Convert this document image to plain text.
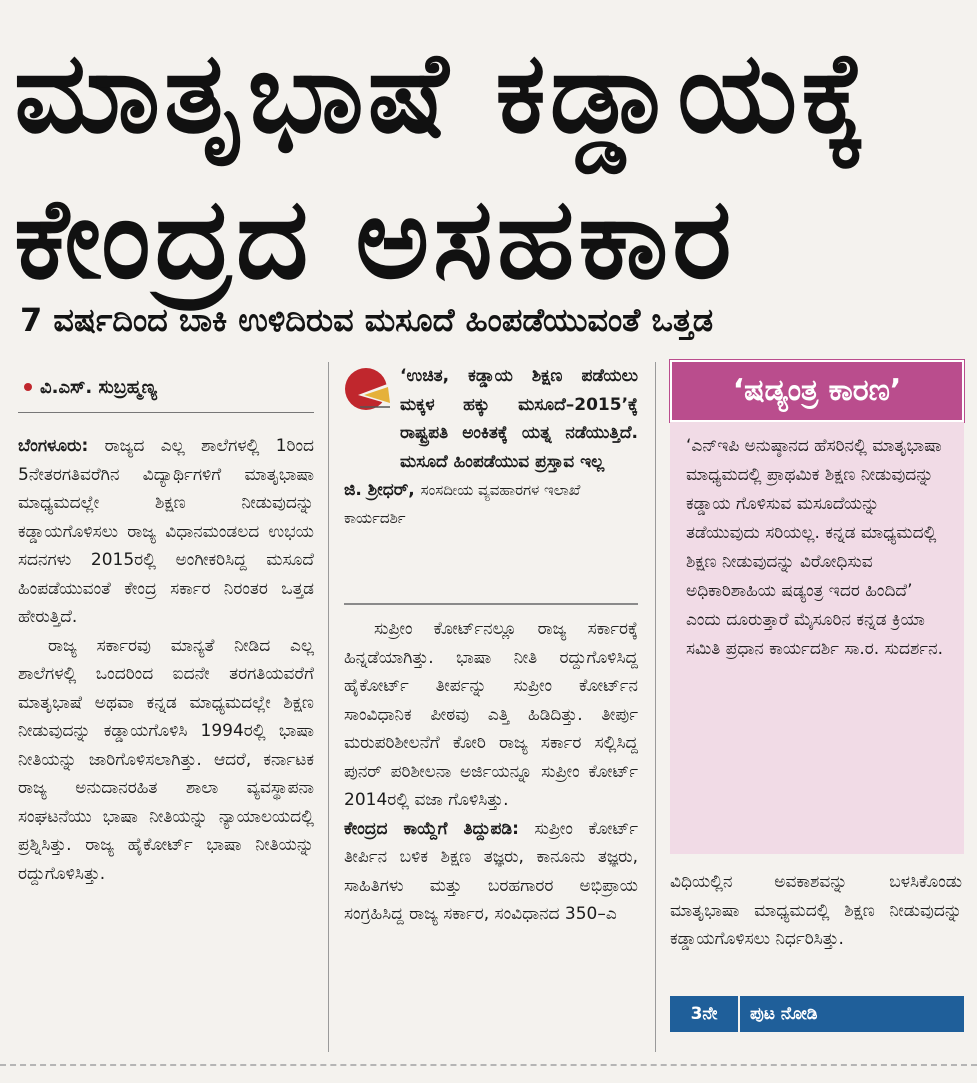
ಮಾತೃಭಾಷೆ ಕಡ್ಡಾಯಕ್ಕೆ
ಕೇಂದ್ರದ ಅಸಹಕಾರ
7 ವರ್ಷದಿಂದ ಬಾಕಿ ಉಳಿದಿರುವ ಮಸೂದೆ ಹಿಂಪಡೆಯುವಂತೆ ಒತ್ತಡ
ವಿ.ಎಸ್. ಸುಬ್ರಹ್ಮಣ್ಯ

ಬೆಂಗಳೂರು: ರಾಜ್ಯದ ಎಲ್ಲ ಶಾಲೆಗಳಲ್ಲಿ 1ರಿಂದ 5ನೇತರಗತಿವರೆಗಿನ ವಿದ್ಯಾರ್ಥಿಗಳಿಗೆ ಮಾತೃಭಾಷಾ ಮಾಧ್ಯಮದಲ್ಲೇ ಶಿಕ್ಷಣ ನೀಡುವುದನ್ನು ಕಡ್ಡಾಯಗೊಳಿಸಲು ರಾಜ್ಯ ವಿಧಾನಮಂಡಲದ ಉಭಯ ಸದನಗಳು 2015ರಲ್ಲಿ ಅಂಗೀಕರಿಸಿದ್ದ ಮಸೂದೆ ಹಿಂಪಡೆಯುವಂತೆ ಕೇಂದ್ರ ಸರ್ಕಾರ ನಿರಂತರ ಒತ್ತಡ ಹೇರುತ್ತಿದೆ.

ರಾಜ್ಯ ಸರ್ಕಾರವು ಮಾನ್ಯತೆ ನೀಡಿದ ಎಲ್ಲ ಶಾಲೆಗಳಲ್ಲಿ ಒಂದರಿಂದ ಐದನೇ ತರಗತಿಯವರೆಗೆ ಮಾತೃಭಾಷೆ ಅಥವಾ ಕನ್ನಡ ಮಾಧ್ಯಮದಲ್ಲೇ ಶಿಕ್ಷಣ ನೀಡುವುದನ್ನು ಕಡ್ಡಾಯಗೊಳಿಸಿ 1994ರಲ್ಲಿ ಭಾಷಾ ನೀತಿಯನ್ನು ಜಾರಿಗೊಳಿಸಲಾಗಿತ್ತು. ಆದರೆ, ಕರ್ನಾಟಕ ರಾಜ್ಯ ಅನುದಾನರಹಿತ ಶಾಲಾ ವ್ಯವಸ್ಥಾಪನಾ ಸಂಘಟನೆಯು ಭಾಷಾ ನೀತಿಯನ್ನು ನ್ಯಾಯಾಲಯದಲ್ಲಿ ಪ್ರಶ್ನಿಸಿತ್ತು. ರಾಜ್ಯ ಹೈಕೋರ್ಟ್ ಭಾಷಾ ನೀತಿಯನ್ನು ರದ್ದುಗೊಳಿಸಿತ್ತು.

‘ಉಚಿತ, ಕಡ್ಡಾಯ ಶಿಕ್ಷಣ ಪಡೆಯಲು ಮಕ್ಕಳ ಹಕ್ಕು ಮಸೂದೆ–2015’ಕ್ಕೆ ರಾಷ್ಟ್ರಪತಿ ಅಂಕಿತಕ್ಕೆ ಯತ್ನ ನಡೆಯುತ್ತಿದೆ. ಮಸೂದೆ ಹಿಂಪಡೆಯುವ ಪ್ರಸ್ತಾವ ಇಲ್ಲ
ಜಿ. ಶ್ರೀಧರ್, ಸಂಸದೀಯ ವ್ಯವಹಾರಗಳ ಇಲಾಖೆ ಕಾರ್ಯದರ್ಶಿ

ಸುಪ್ರೀಂ ಕೋರ್ಟ್‌ನಲ್ಲೂ ರಾಜ್ಯ ಸರ್ಕಾರಕ್ಕೆ ಹಿನ್ನಡೆಯಾಗಿತ್ತು. ಭಾಷಾ ನೀತಿ ರದ್ದುಗೊಳಿಸಿದ್ದ ಹೈಕೋರ್ಟ್ ತೀರ್ಪನ್ನು ಸುಪ್ರೀಂ ಕೋರ್ಟ್‌ನ ಸಾಂವಿಧಾನಿಕ ಪೀಠವು ಎತ್ತಿ ಹಿಡಿದಿತ್ತು. ತೀರ್ಪು ಮರುಪರಿಶೀಲನೆಗೆ ಕೋರಿ ರಾಜ್ಯ ಸರ್ಕಾರ ಸಲ್ಲಿಸಿದ್ದ ಪುನರ್ ಪರಿಶೀಲನಾ ಅರ್ಜಿಯನ್ನೂ ಸುಪ್ರೀಂ ಕೋರ್ಟ್ 2014ರಲ್ಲಿ ವಜಾ ಗೊಳಿಸಿತ್ತು.

ಕೇಂದ್ರದ ಕಾಯ್ದೆಗೆ ತಿದ್ದುಪಡಿ: ಸುಪ್ರೀಂ ಕೋರ್ಟ್ ತೀರ್ಪಿನ ಬಳಿಕ ಶಿಕ್ಷಣ ತಜ್ಞರು, ಕಾನೂನು ತಜ್ಞರು, ಸಾಹಿತಿಗಳು ಮತ್ತು ಬರಹಗಾರರ ಅಭಿಪ್ರಾಯ ಸಂಗ್ರಹಿಸಿದ್ದ ರಾಜ್ಯ ಸರ್ಕಾರ, ಸಂವಿಧಾನದ 350–ಎ

‘ಷಡ್ಯಂತ್ರ ಕಾರಣ’

‘ಎನ್‌ಇಪಿ ಅನುಷ್ಠಾನದ ಹೆಸರಿನಲ್ಲಿ ಮಾತೃಭಾಷಾ ಮಾಧ್ಯಮದಲ್ಲಿ ಪ್ರಾಥಮಿಕ ಶಿಕ್ಷಣ ನೀಡುವುದನ್ನು ಕಡ್ಡಾಯ ಗೊಳಿಸುವ ಮಸೂದೆಯನ್ನು ತಡೆಯುವುದು ಸರಿಯಲ್ಲ. ಕನ್ನಡ ಮಾಧ್ಯಮದಲ್ಲಿ ಶಿಕ್ಷಣ ನೀಡುವುದನ್ನು ವಿರೋಧಿಸುವ ಅಧಿಕಾರಿಶಾಹಿಯ ಷಡ್ಯಂತ್ರ ಇದರ ಹಿಂದಿದೆ’ ಎಂದು ದೂರುತ್ತಾರೆ ಮೈಸೂರಿನ ಕನ್ನಡ ಕ್ರಿಯಾ ಸಮಿತಿ ಪ್ರಧಾನ ಕಾರ್ಯದರ್ಶಿ ಸಾ.ರ. ಸುದರ್ಶನ.

ವಿಧಿಯಲ್ಲಿನ ಅವಕಾಶವನ್ನು ಬಳಸಿಕೊಂಡು ಮಾತೃಭಾಷಾ ಮಾಧ್ಯಮದಲ್ಲಿ ಶಿಕ್ಷಣ ನೀಡುವುದನ್ನು ಕಡ್ಡಾಯಗೊಳಿಸಲು ನಿರ್ಧರಿಸಿತ್ತು.

3ನೇ	ಪುಟ ನೋಡಿ
